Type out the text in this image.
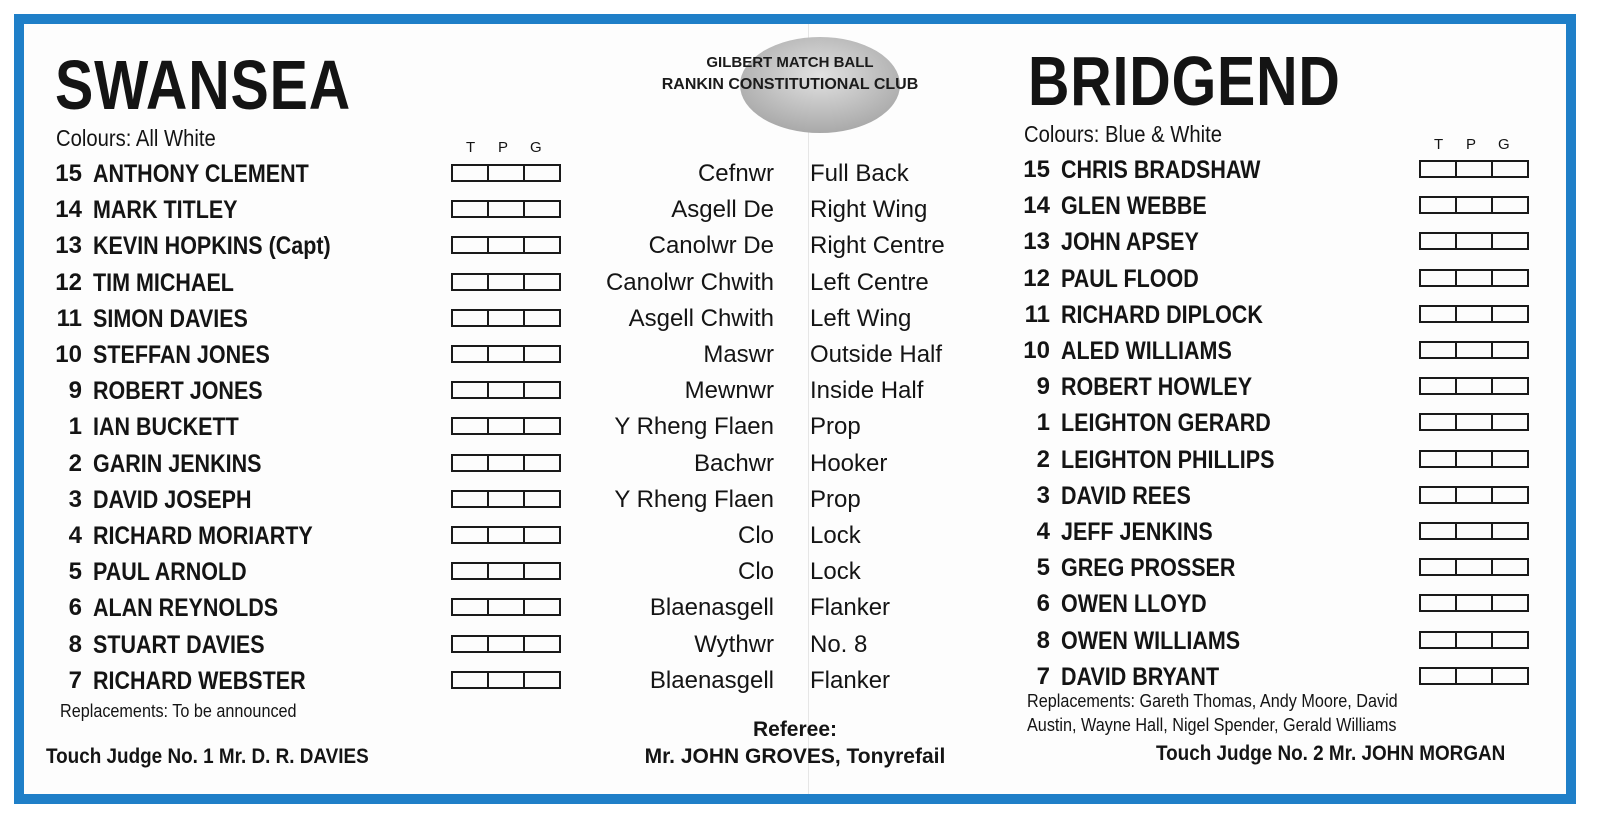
SWANSEA
Colours: All White	T P G
GILBERT MATCH BALL
RANKIN CONSTITUTIONAL CLUB BRIDGEND
Colours: Blue & White	T P G
15 ANTHONY CLEMENT
14 MARK TITLEY
13 KEVIN HOPKINS (Capt)
12 TIM MICHAEL
11 SIMON DAVIES
10 STEFFAN JONES
9 ROBERT JONES
1 IAN BUCKETT
2 GARIN JENKINS
3 DAVID JOSEPH
4 RICHARD MORIARTY
5 PAUL ARNOLD
6 ALAN REYNOLDS
8 STUART DAVIES
7 RICHARD WEBSTER
Cefnwr Full Back
Asgell De Right Wing
Canolwr De Right Centre
Canolwr Chwith Left Centre
Asgell Chwith Left Wing
Maswr Outside Half
Mewnwr Inside Half
Y Rheng Flaen Prop
Bachwr Hooker
Y Rheng Flaen Prop
Clo Lock
Clo Lock
Blaenasgell Flanker
Wythwr No. 8
Blaenasgell Flanker
15 CHRIS BRADSHAW
14 GLEN WEBBE
13 JOHN APSEY
12 PAUL FLOOD
11 RICHARD DIPLOCK
10 ALED WILLIAMS
9 ROBERT HOWLEY
1 LEIGHTON GERARD
2 LEIGHTON PHILLIPS
3 DAVID REES
4 JEFF JENKINS
5 GREG PROSSER
6 OWEN LLOYD
8 OWEN WILLIAMS
7 DAVID BRYANT
Replacements: To be announced
Touch Judge No. 1 Mr. D. R. DAVIES
Referee:
Mr. JOHN GROVES, Tonyrefail
Replacements: Gareth Thomas, Andy Moore, David
Austin, Wayne Hall, Nigel Spender, Gerald Williams
Touch Judge No. 2 Mr. JOHN MORGAN
